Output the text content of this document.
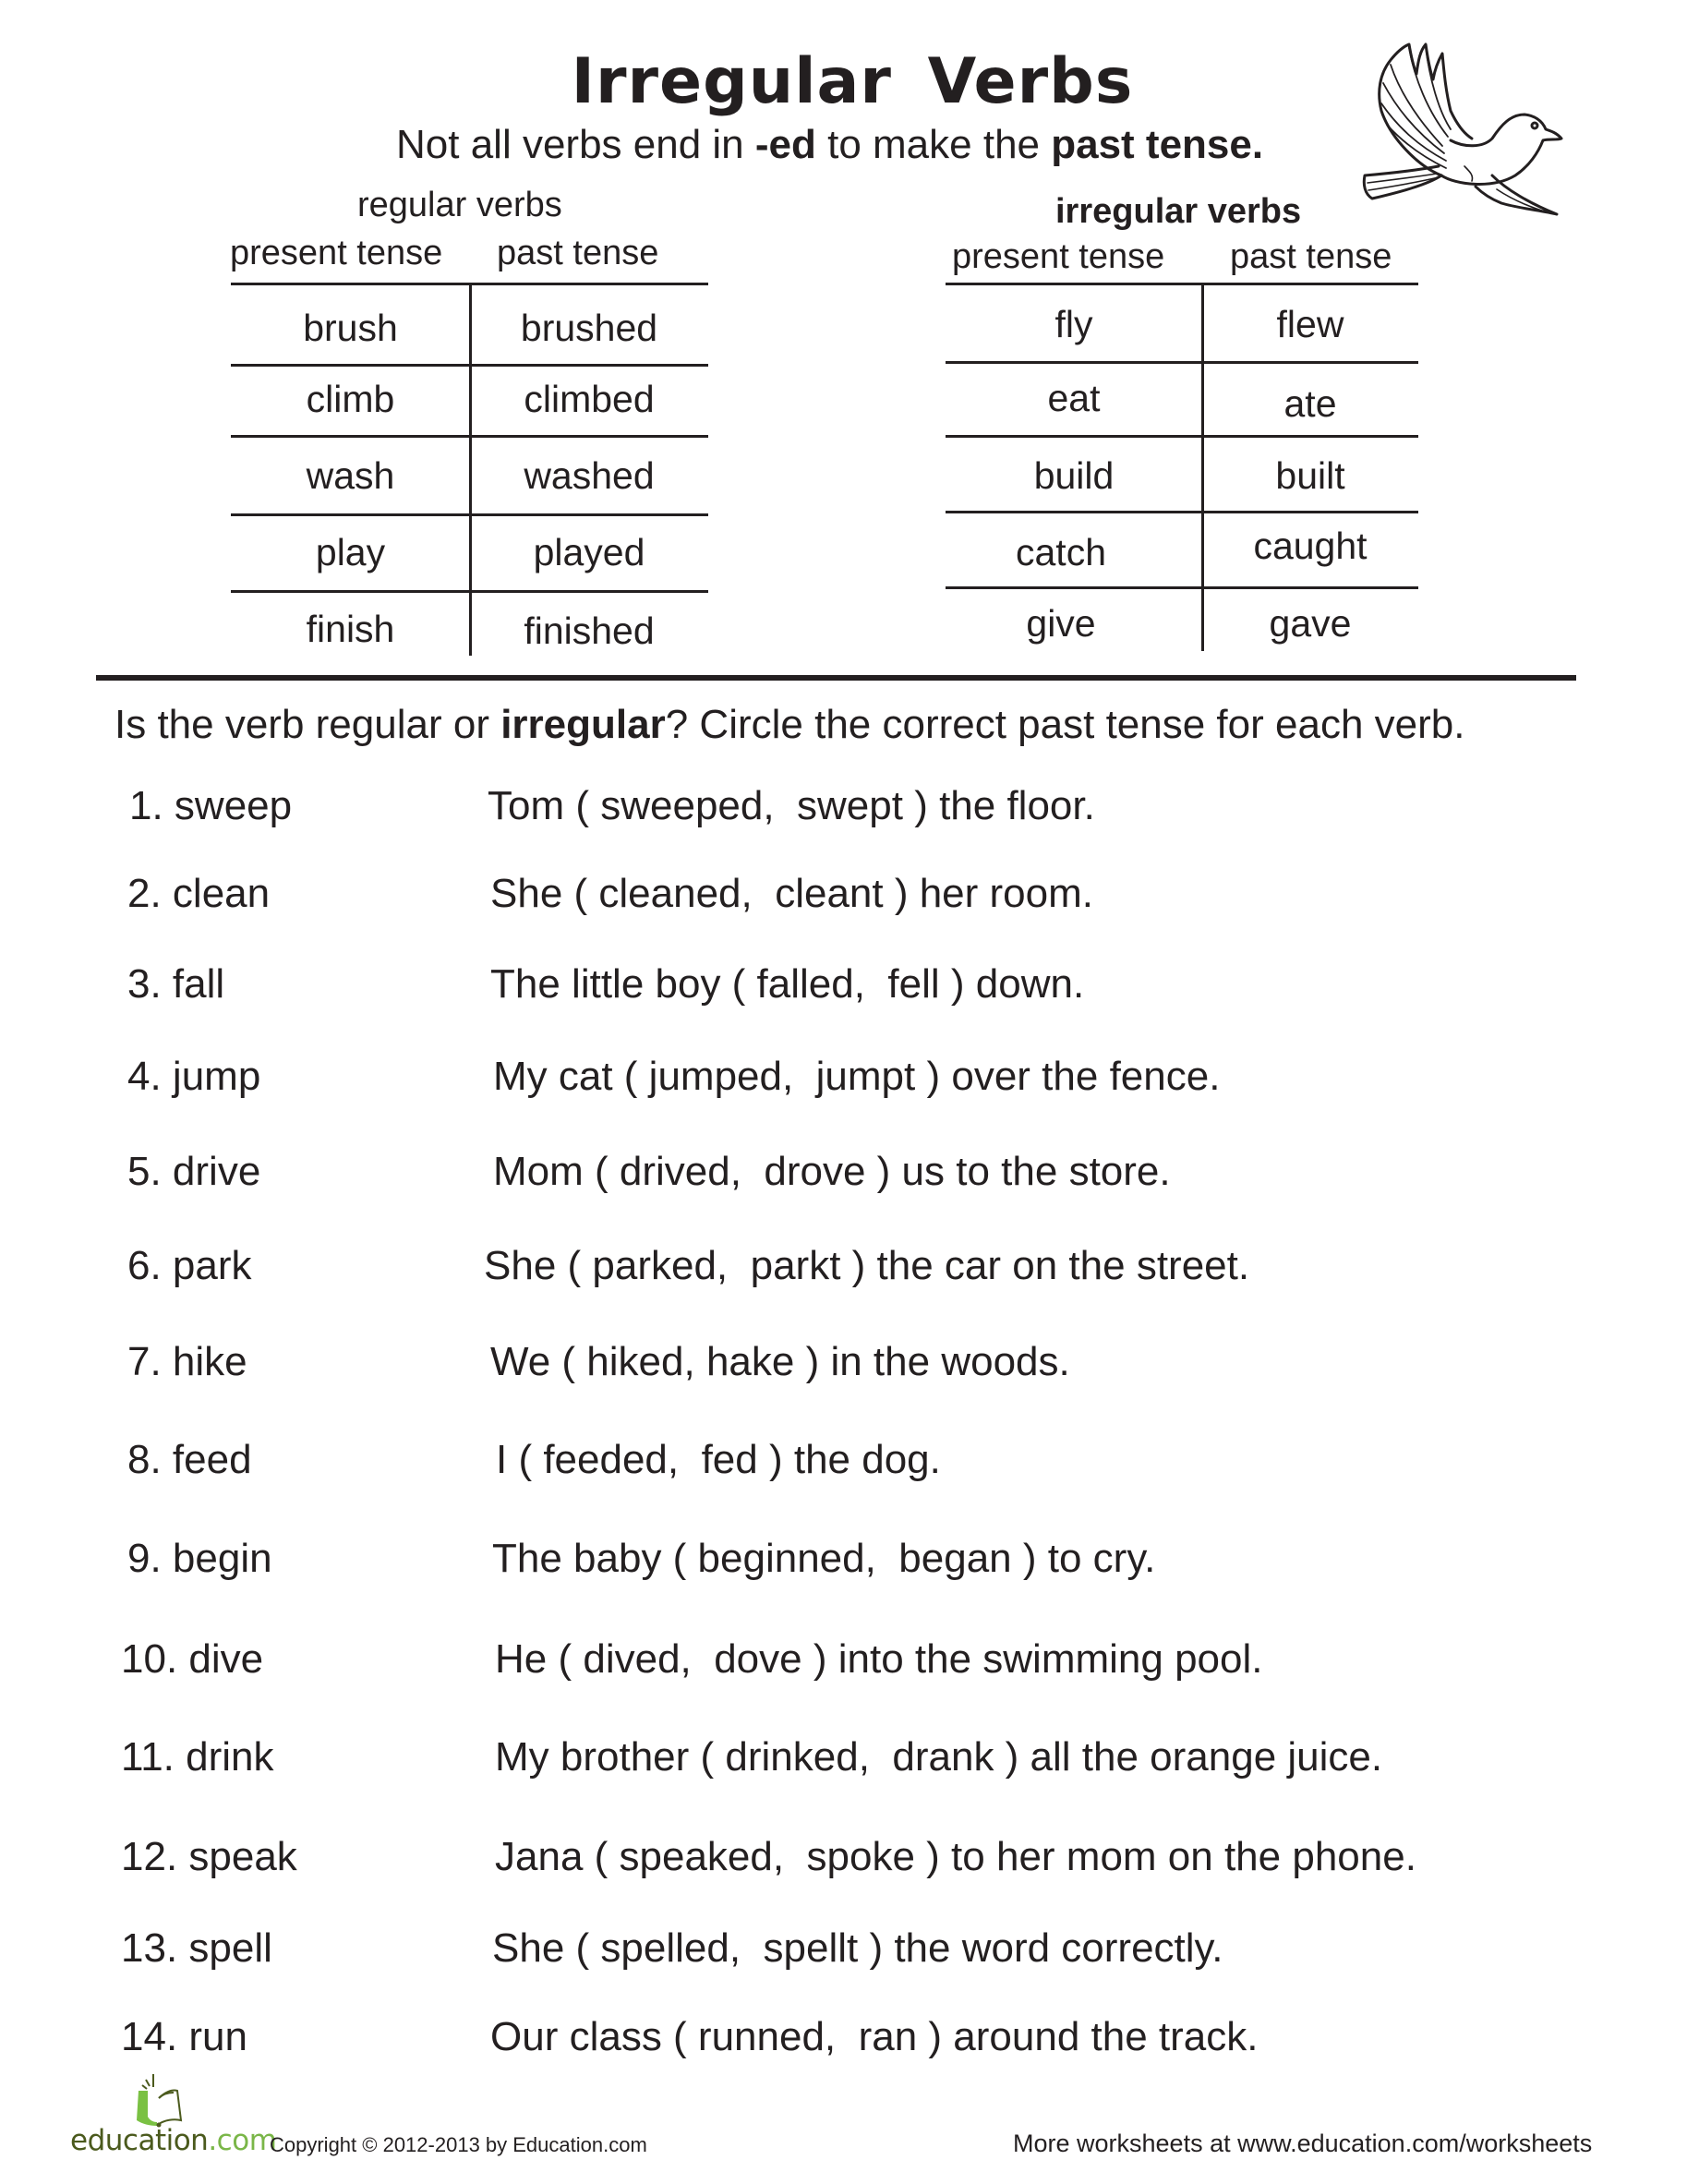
Irregular Verbs
Not all verbs end in -ed to make the past tense.
regular verbs
present tense past tense
brush	brushed
climb	climbed
wash	washed
play	played
finish	finished
irregular verbs
present tense past tense
fly	flew
eat	ate
build	built
catch	caught
give	gave
Is the verb regular or irregular? Circle the correct past tense for each verb.
1. sweep	Tom ( sweeped,  swept ) the floor.
2. clean	She ( cleaned,  cleant ) her room.
3. fall	The little boy ( falled,  fell ) down.
4. jump	My cat ( jumped,  jumpt ) over the fence.
5. drive	Mom ( drived,  drove ) us to the store.
6. park	She ( parked,  parkt ) the car on the street.
7. hike	We ( hiked, hake ) in the woods.
8. feed	I ( feeded,  fed ) the dog.
9. begin	The baby ( beginned,  began ) to cry.
10. dive	He ( dived,  dove ) into the swimming pool.
11. drink	My brother ( drinked,  drank ) all the orange juice.
12. speak	Jana ( speaked,  spoke ) to her mom on the phone.
13. spell	She ( spelled,  spellt ) the word correctly.
14. run	Our class ( runned,  ran ) around the track.
education.com
Copyright © 2012-2013 by Education.com	More worksheets at www.education.com/worksheets
